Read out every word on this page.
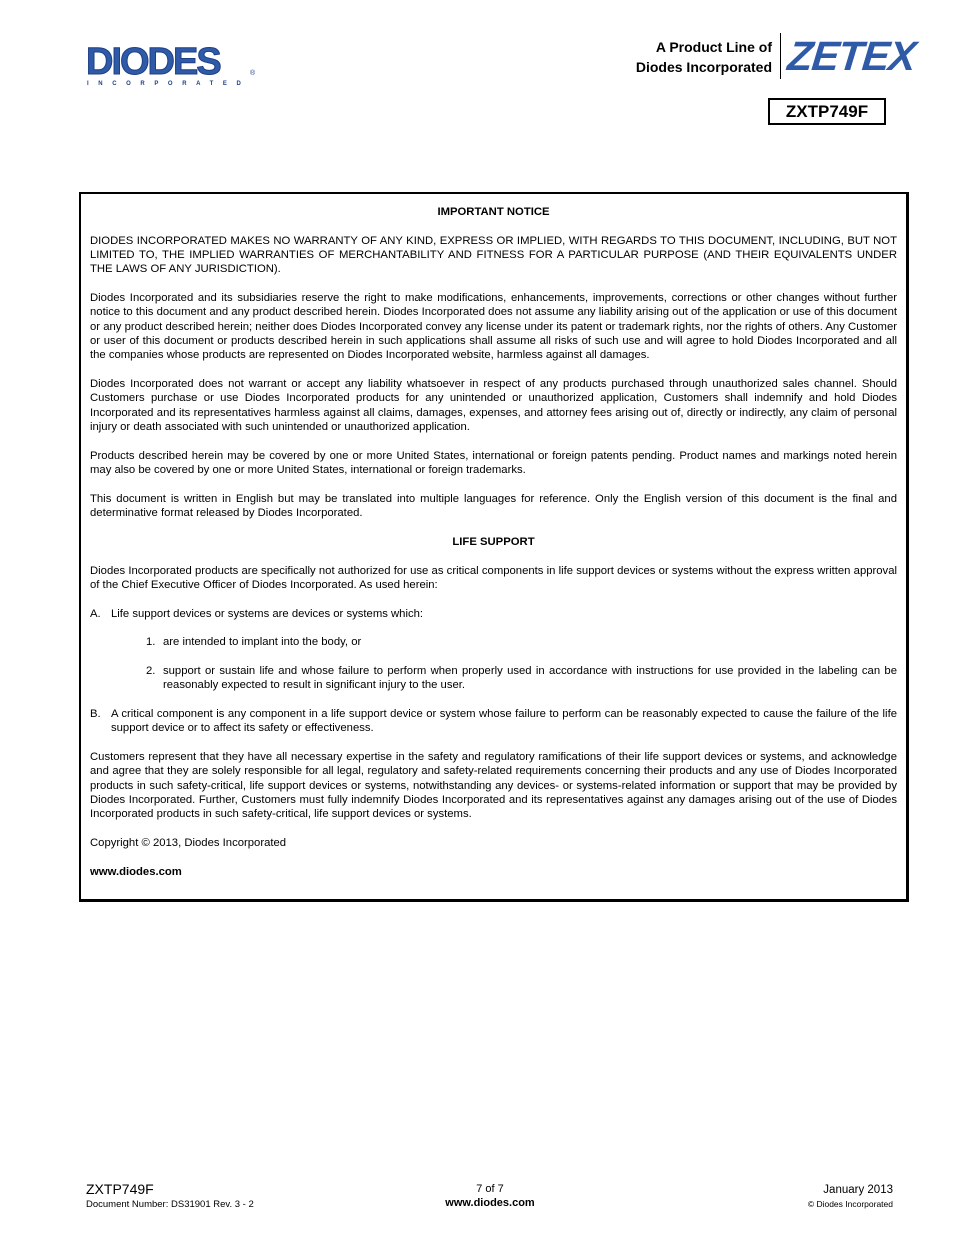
DIODES	®
INCORPORATED
A Product Line of
Diodes Incorporated ZETEX
ZXTP749F

IMPORTANT NOTICE

DIODES INCORPORATED MAKES NO WARRANTY OF ANY KIND, EXPRESS OR IMPLIED, WITH REGARDS TO THIS DOCUMENT, INCLUDING, BUT NOT LIMITED TO, THE IMPLIED WARRANTIES OF MERCHANTABILITY AND FITNESS FOR A PARTICULAR PURPOSE (AND THEIR EQUIVALENTS UNDER THE LAWS OF ANY JURISDICTION).

Diodes Incorporated and its subsidiaries reserve the right to make modifications, enhancements, improvements, corrections or other changes without further notice to this document and any product described herein. Diodes Incorporated does not assume any liability arising out of the application or use of this document or any product described herein; neither does Diodes Incorporated convey any license under its patent or trademark rights, nor the rights of others. Any Customer or user of this document or products described herein in such applications shall assume all risks of such use and will agree to hold Diodes Incorporated and all the companies whose products are represented on Diodes Incorporated website, harmless against all damages.

Diodes Incorporated does not warrant or accept any liability whatsoever in respect of any products purchased through unauthorized sales channel. Should Customers purchase or use Diodes Incorporated products for any unintended or unauthorized application, Customers shall indemnify and hold Diodes Incorporated and its representatives harmless against all claims, damages, expenses, and attorney fees arising out of, directly or indirectly, any claim of personal injury or death associated with such unintended or unauthorized application.

Products described herein may be covered by one or more United States, international or foreign patents pending. Product names and markings noted herein may also be covered by one or more United States, international or foreign trademarks.

This document is written in English but may be translated into multiple languages for reference. Only the English version of this document is the final and determinative format released by Diodes Incorporated.

LIFE SUPPORT

Diodes Incorporated products are specifically not authorized for use as critical components in life support devices or systems without the express written approval of the Chief Executive Officer of Diodes Incorporated. As used herein:

A. Life support devices or systems are devices or systems which:
1. are intended to implant into the body, or
2. support or sustain life and whose failure to perform when properly used in accordance with instructions for use provided in the labeling can be reasonably expected to result in significant injury to the user.
B. A critical component is any component in a life support device or system whose failure to perform can be reasonably expected to cause the failure of the life support device or to affect its safety or effectiveness.

Customers represent that they have all necessary expertise in the safety and regulatory ramifications of their life support devices or systems, and acknowledge and agree that they are solely responsible for all legal, regulatory and safety-related requirements concerning their products and any use of Diodes Incorporated products in such safety-critical, life support devices or systems, notwithstanding any devices- or systems-related information or support that may be provided by Diodes Incorporated. Further, Customers must fully indemnify Diodes Incorporated and its representatives against any damages arising out of the use of Diodes Incorporated products in such safety-critical, life support devices or systems.

Copyright © 2013, Diodes Incorporated

www.diodes.com

ZXTP749F
Document Number: DS31901 Rev. 3 - 2
7 of 7
www.diodes.com
January 2013
© Diodes Incorporated
